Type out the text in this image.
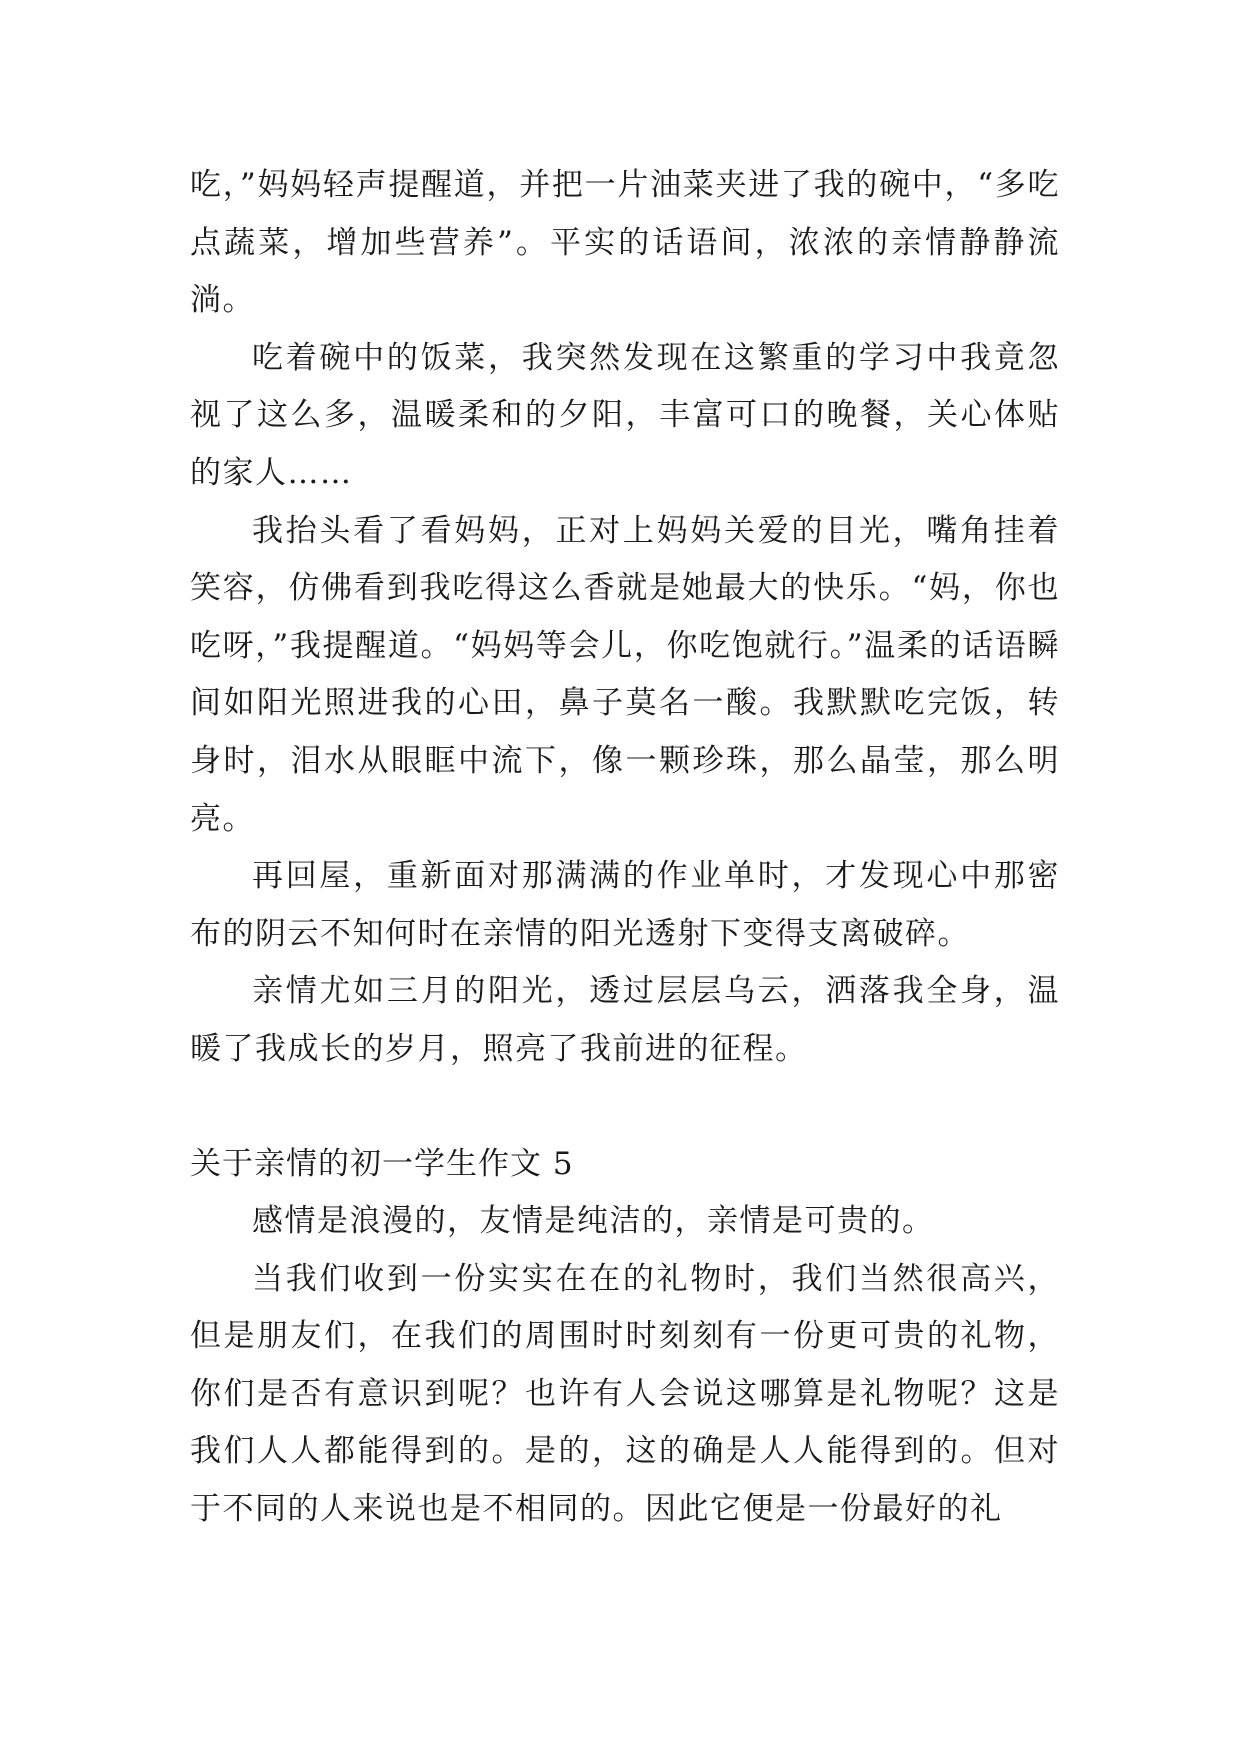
吃，”妈妈轻声提醒道，并把一片油菜夹进了我的碗中，“多吃点蔬菜，增加些营养”。平实的话语间，浓浓的亲情静静流淌。

吃着碗中的饭菜，我突然发现在这繁重的学习中我竟忽视了这么多，温暖柔和的夕阳，丰富可口的晚餐，关心体贴的家人……

我抬头看了看妈妈，正对上妈妈关爱的目光，嘴角挂着笑容，仿佛看到我吃得这么香就是她最大的快乐。“妈，你也吃呀，”我提醒道。“妈妈等会儿，你吃饱就行。”温柔的话语瞬间如阳光照进我的心田，鼻子莫名一酸。我默默吃完饭，转身时，泪水从眼眶中流下，像一颗珍珠，那么晶莹，那么明亮。

再回屋，重新面对那满满的作业单时，才发现心中那密布的阴云不知何时在亲情的阳光透射下变得支离破碎。

亲情尤如三月的阳光，透过层层乌云，洒落我全身，温暖了我成长的岁月，照亮了我前进的征程。

关于亲情的初一学生作文 5

感情是浪漫的，友情是纯洁的，亲情是可贵的。

当我们收到一份实实在在的礼物时，我们当然很高兴，但是朋友们，在我们的周围时时刻刻有一份更可贵的礼物，你们是否有意识到呢？也许有人会说这哪算是礼物呢？这是我们人人都能得到的。是的，这的确是人人能得到的。但对于不同的人来说也是不相同的。因此它便是一份最好的礼
